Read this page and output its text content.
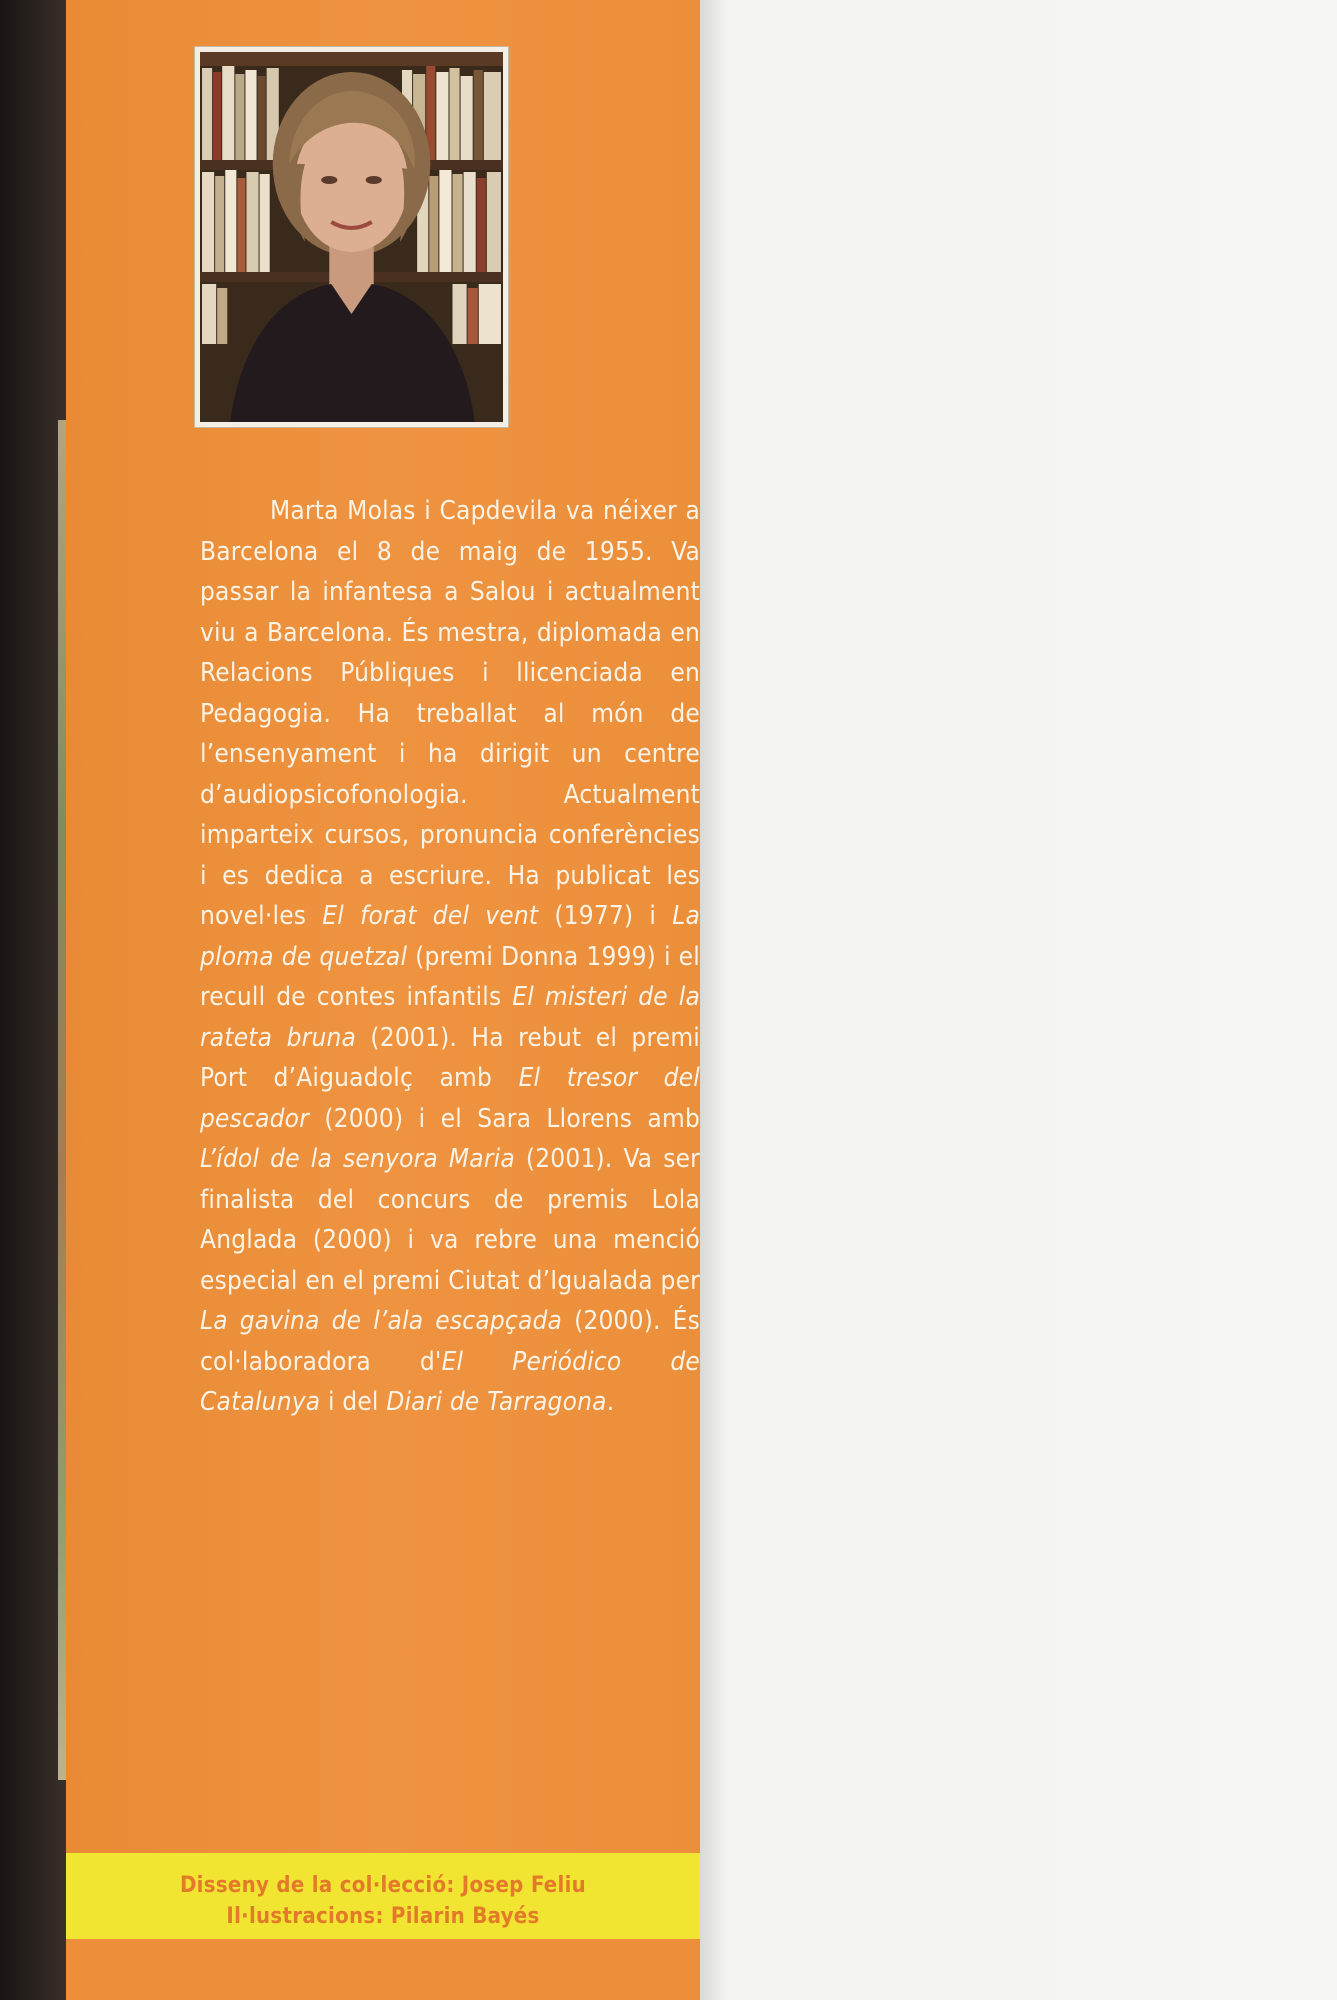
Marta Molas i Capdevila va néixer a Barcelona el 8 de maig de 1955. Va passar la infantesa a Salou i actualment viu a Barcelona. És mestra, diplomada en Relacions Públiques i llicenciada en Pedagogia. Ha treballat al món de l’ensenyament i ha dirigit un centre d’audiopsicofonologia. Actualment imparteix cursos, pronuncia conferències i es dedica a escriure. Ha publicat les novel·les El forat del vent (1977) i La ploma de quetzal (premi Donna 1999) i el recull de contes infantils El misteri de la rateta bruna (2001). Ha rebut el premi Port d’Aiguadolç amb El tresor del pescador (2000) i el Sara Llorens amb L’ídol de la senyora Maria (2001). Va ser finalista del concurs de premis Lola Anglada (2000) i va rebre una menció especial en el premi Ciutat d’Igualada per La gavina de l’ala escapçada (2000). És col·laboradora d'El Periódico de Catalunya i del Diari de Tarragona.

Disseny de la col·lecció: Josep Feliu
Il·lustracions: Pilarin Bayés
